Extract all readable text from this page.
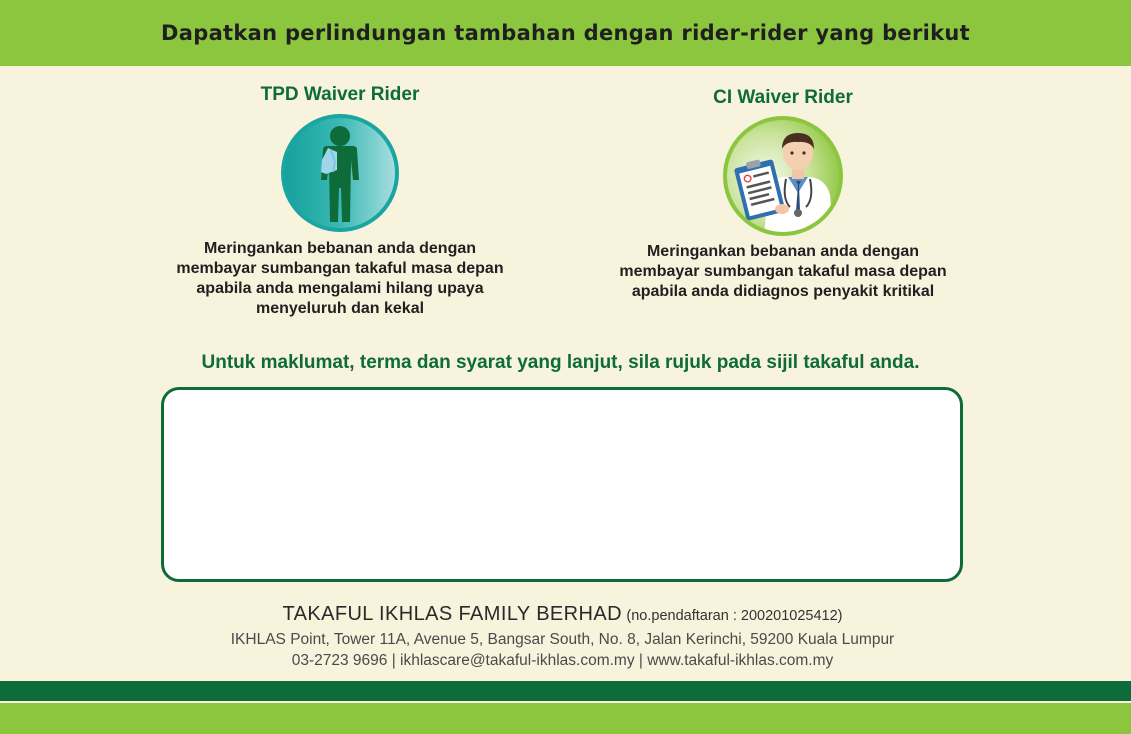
Dapatkan perlindungan tambahan dengan rider-rider yang berikut

TPD Waiver Rider

Meringankan bebanan anda dengan membayar sumbangan takaful masa depan apabila anda mengalami hilang upaya menyeluruh dan kekal

CI Waiver Rider

Meringankan bebanan anda dengan membayar sumbangan takaful masa depan apabila anda didiagnos penyakit kritikal

Untuk maklumat, terma dan syarat yang lanjut, sila rujuk pada sijil takaful anda.
TAKAFUL IKHLAS FAMILY BERHAD (no.pendaftaran : 200201025412)
IKHLAS Point, Tower 11A, Avenue 5, Bangsar South, No. 8, Jalan Kerinchi, 59200 Kuala Lumpur
03-2723 9696 | ikhlascare@takaful-ikhlas.com.my | www.takaful-ikhlas.com.my
